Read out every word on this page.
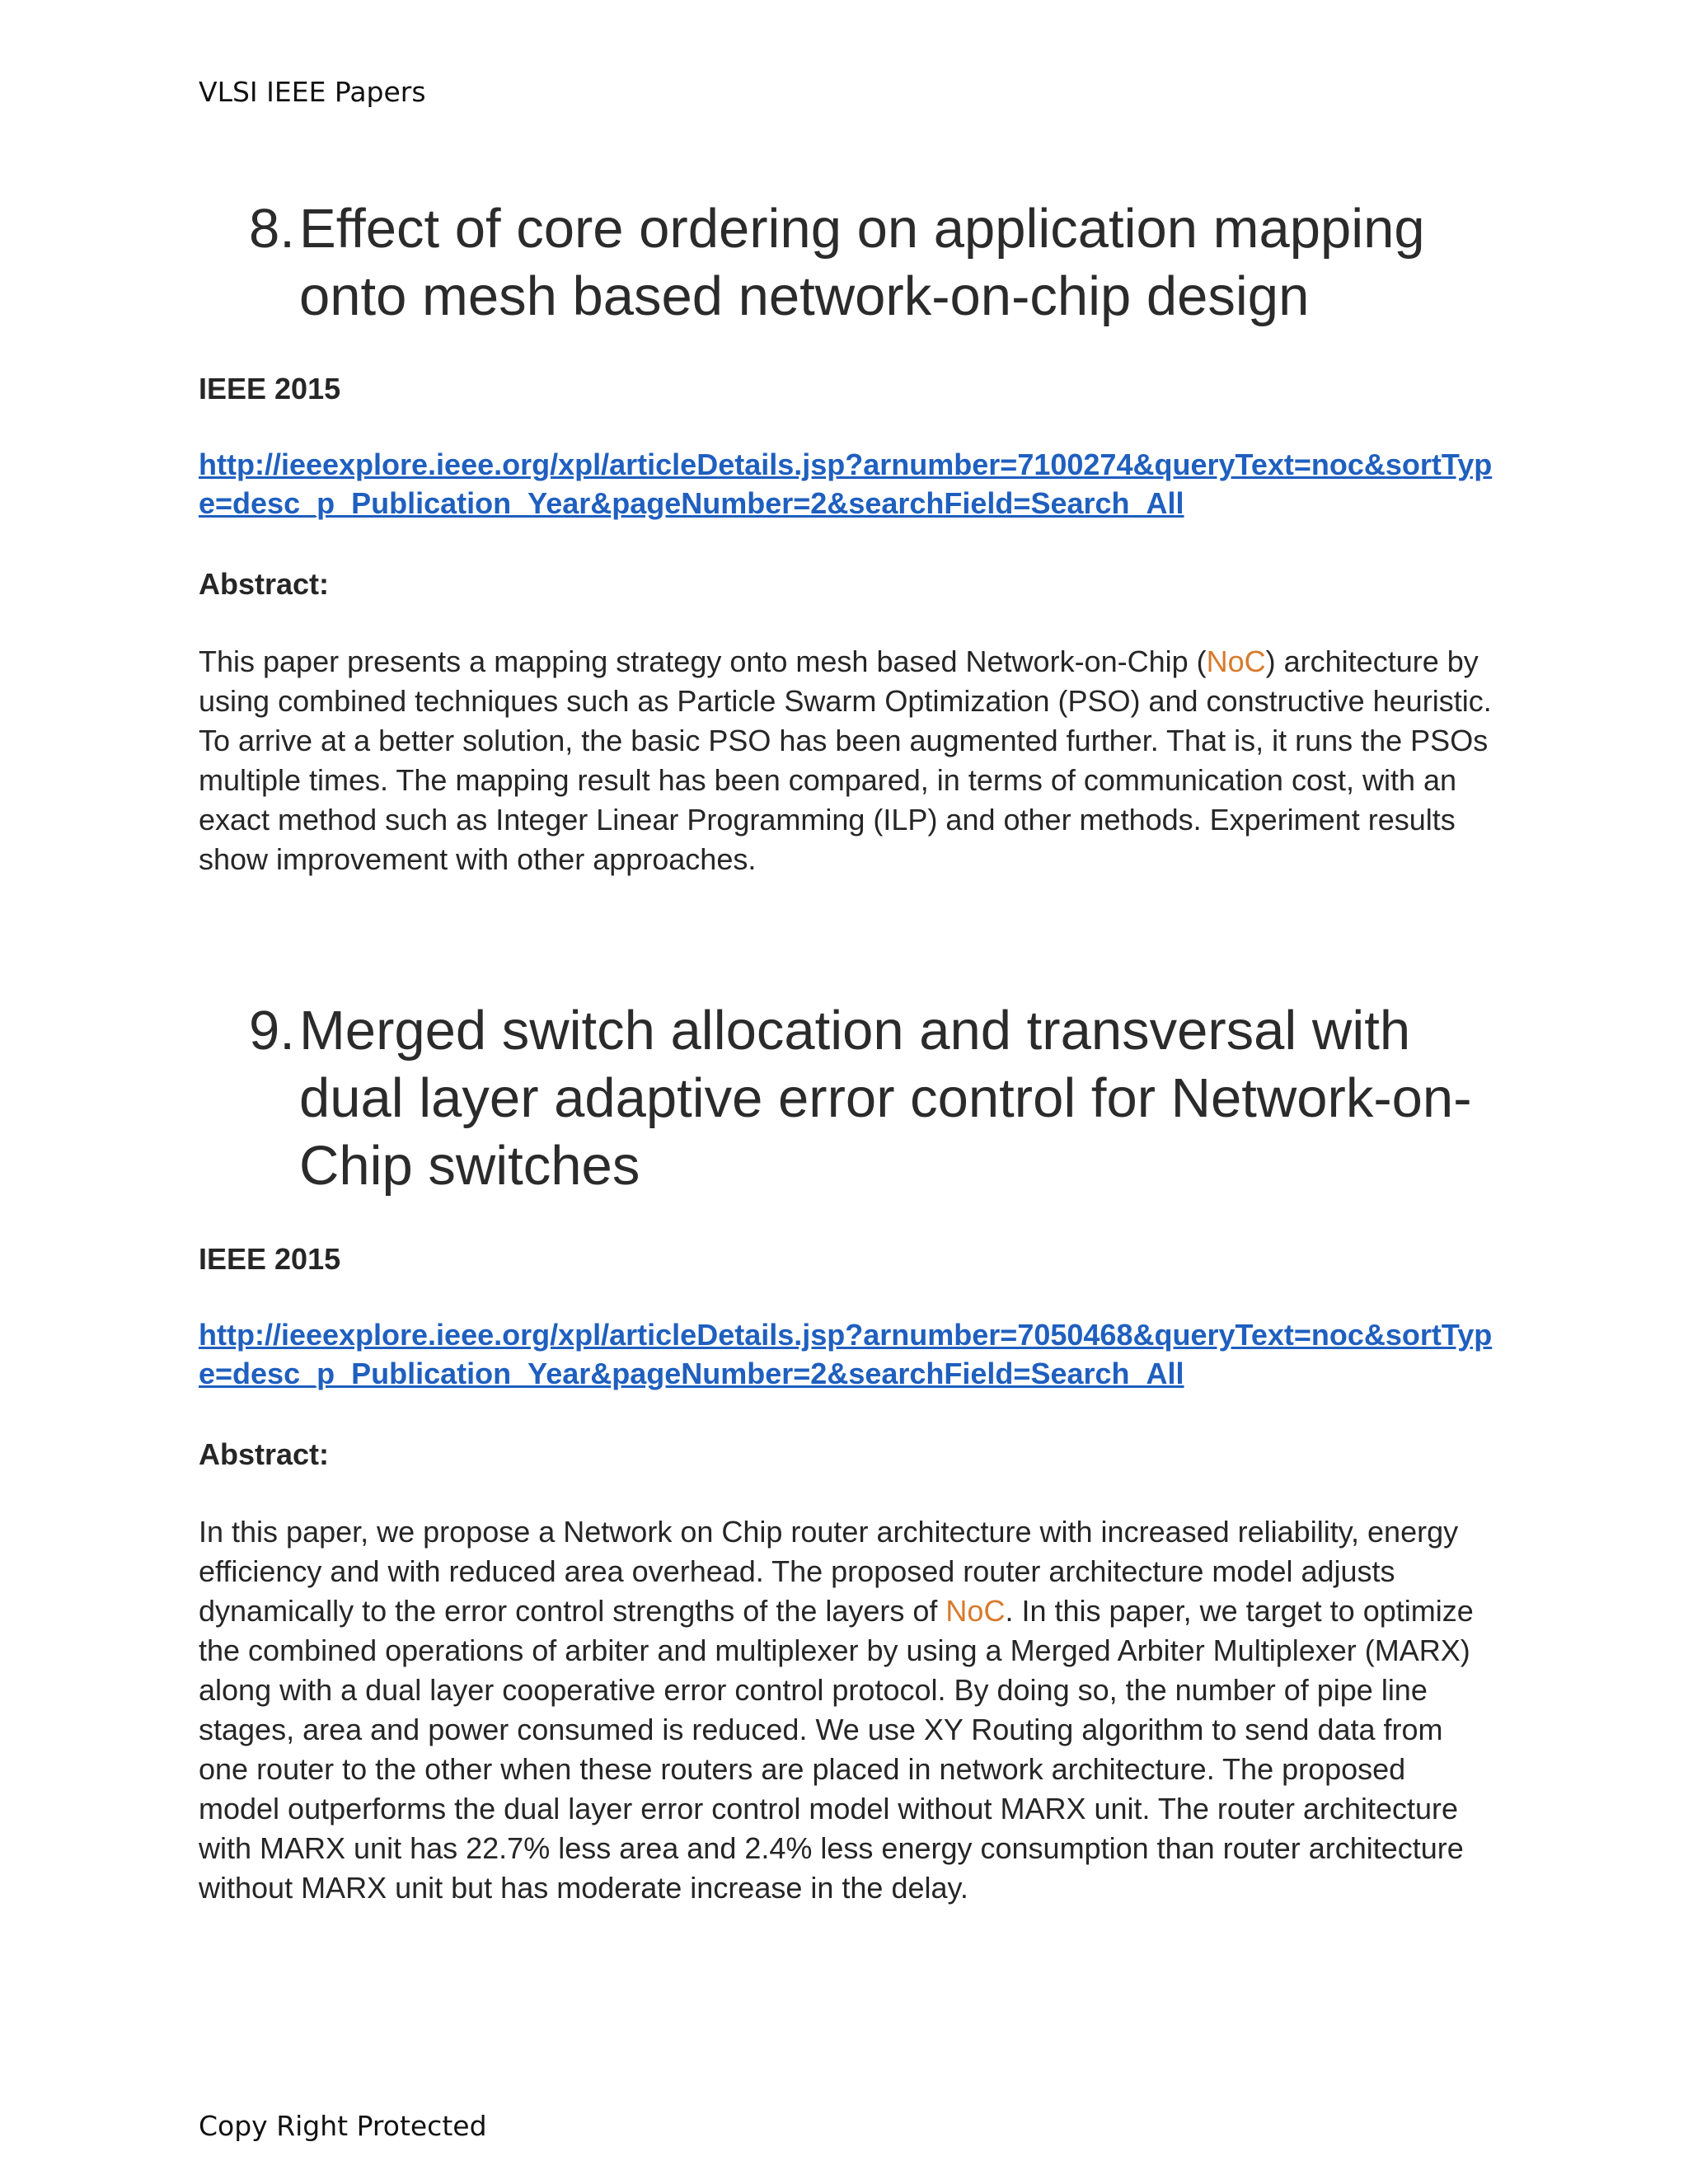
VLSI IEEE Papers
8. Effect of core ordering on application mapping onto mesh based network-on-chip design
IEEE 2015
http://ieeexplore.ieee.org/xpl/articleDetails.jsp?arnumber=7100274&queryText=noc&sortType=desc_p_Publication_Year&pageNumber=2&searchField=Search_All
Abstract:
This paper presents a mapping strategy onto mesh based Network-on-Chip (NoC) architecture by using combined techniques such as Particle Swarm Optimization (PSO) and constructive heuristic. To arrive at a better solution, the basic PSO has been augmented further. That is, it runs the PSOs multiple times. The mapping result has been compared, in terms of communication cost, with an exact method such as Integer Linear Programming (ILP) and other methods. Experiment results show improvement with other approaches.
9. Merged switch allocation and transversal with dual layer adaptive error control for Network-on-Chip switches
IEEE 2015
http://ieeexplore.ieee.org/xpl/articleDetails.jsp?arnumber=7050468&queryText=noc&sortType=desc_p_Publication_Year&pageNumber=2&searchField=Search_All
Abstract:
In this paper, we propose a Network on Chip router architecture with increased reliability, energy efficiency and with reduced area overhead. The proposed router architecture model adjusts dynamically to the error control strengths of the layers of NoC. In this paper, we target to optimize the combined operations of arbiter and multiplexer by using a Merged Arbiter Multiplexer (MARX) along with a dual layer cooperative error control protocol. By doing so, the number of pipe line stages, area and power consumed is reduced. We use XY Routing algorithm to send data from one router to the other when these routers are placed in network architecture. The proposed model outperforms the dual layer error control model without MARX unit. The router architecture with MARX unit has 22.7% less area and 2.4% less energy consumption than router architecture without MARX unit but has moderate increase in the delay.
Copy Right Protected
